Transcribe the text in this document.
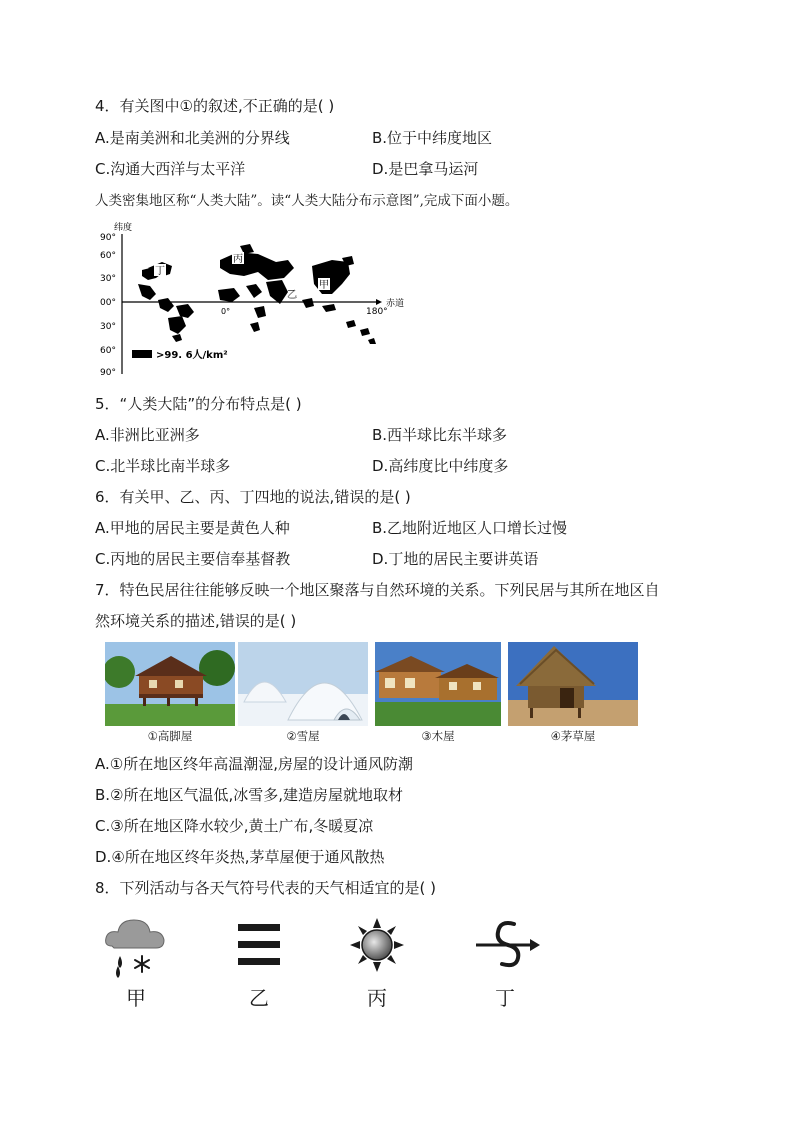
4．有关图中①的叙述,不正确的是( )
A.是南美洲和北美洲的分界线	B.位于中纬度地区
C.沟通大西洋与太平洋	D.是巴拿马运河
人类密集地区称“人类大陆”。读“人类大陆分布示意图”,完成下面小题。
纬度
90°
60°
30°
00°
30°
60°
90°
0°	180°
赤道
丁
丙
乙
甲
>99. 6人/km²
5．“人类大陆”的分布特点是( )
A.非洲比亚洲多	B.西半球比东半球多
C.北半球比南半球多	D.高纬度比中纬度多
6．有关甲、乙、丙、丁四地的说法,错误的是( )
A.甲地的居民主要是黄色人种	B.乙地附近地区人口增长过慢
C.丙地的居民主要信奉基督教	D.丁地的居民主要讲英语
7．特色民居往往能够反映一个地区聚落与自然环境的关系。下列民居与其所在地区自
然环境关系的描述,错误的是( )
①高脚屋	②雪屋	③木屋	④茅草屋
A.①所在地区终年高温潮湿,房屋的设计通风防潮
B.②所在地区气温低,冰雪多,建造房屋就地取材
C.③所在地区降水较少,黄土广布,冬暖夏凉
D.④所在地区终年炎热,茅草屋便于通风散热
8．下列活动与各天气符号代表的天气相适宜的是( )
甲	乙	丙	丁
